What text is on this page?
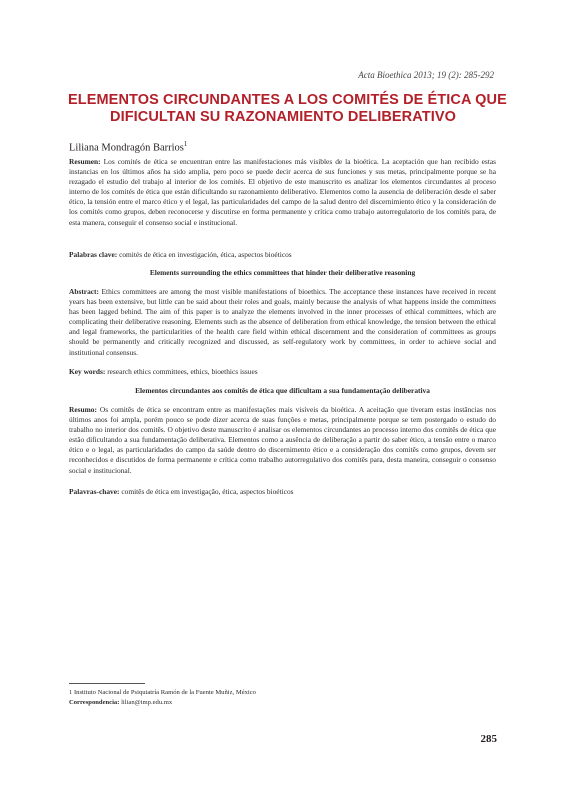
Acta Bioethica 2013; 19 (2): 285-292
ELEMENTOS CIRCUNDANTES A LOS COMITÉS DE ÉTICA QUE
DIFICULTAN SU RAZONAMIENTO DELIBERATIVO
Liliana Mondragón Barrios$^1$
Resumen: Los comités de ética se encuentran entre las manifestaciones más visibles de la bioética. La aceptación que han recibido estas instancias en los últimos años ha sido amplia, pero poco se puede decir acerca de sus funciones y sus metas, principalmente porque se ha rezagado el estudio del trabajo al interior de los comités. El objetivo de este manuscrito es analizar los elementos circundantes al proceso interno de los comités de ética que están dificultando su razonamiento deliberativo. Elementos como la ausencia de deliberación desde el saber ético, la tensión entre el marco ético y el legal, las particularidades del campo de la salud dentro del discernimiento ético y la consideración de los comités como grupos, deben reconocerse y discutirse en forma permanente y crítica como trabajo autorregulatorio de los comités para, de esta manera, conseguir el consenso social e institucional.
Palabras clave: comités de ética en investigación, ética, aspectos bioéticos
Elements surrounding the ethics committees that hinder their deliberative reasoning
Abstract: Ethics committees are among the most visible manifestations of bioethics. The acceptance these instances have received in recent years has been extensive, but little can be said about their roles and goals, mainly because the analysis of what happens inside the committees has been lagged behind. The aim of this paper is to analyze the elements involved in the inner processes of ethical committees, which are complicating their deliberative reasoning. Elements such as the absence of deliberation from ethical knowledge, the tension between the ethical and legal frameworks, the particularities of the health care field within ethical discernment and the consideration of committees as groups should be permanently and critically recognized and discussed, as self-regulatory work by committees, in order to achieve social and institutional consensus.
Key words: research ethics committees, ethics, bioethics issues
Elementos circundantes aos comitês de ética que dificultam a sua fundamentação deliberativa
Resumo: Os comitês de ética se encontram entre as manifestações mais visíveis da bioética. A aceitação que tiveram estas instâncias nos últimos anos foi ampla, porém pouco se pode dizer acerca de suas funções e metas, principalmente porque se tem postergado o estudo do trabalho no interior dos comitês. O objetivo deste manuscrito é analisar os elementos circundantes ao processo interno dos comitês de ética que estão dificultando a sua fundamentação deliberativa. Elementos como a ausência de deliberação a partir do saber ético, a tensão entre o marco ético e o legal, as particularidades do campo da saúde dentro do discernimento ético e a consideração dos comitês como grupos, devem ser reconhecidos e discutidos de forma permanente e crítica como trabalho autorregulativo dos comitês para, desta maneira, conseguir o consenso social e institucional.
Palavras-chave: comitês de ética em investigação, ética, aspectos bioéticos
1 Instituto Nacional de Psiquiatría Ramón de la Fuente Muñiz, México
Correspondencia: lilian@imp.edu.mx
285
